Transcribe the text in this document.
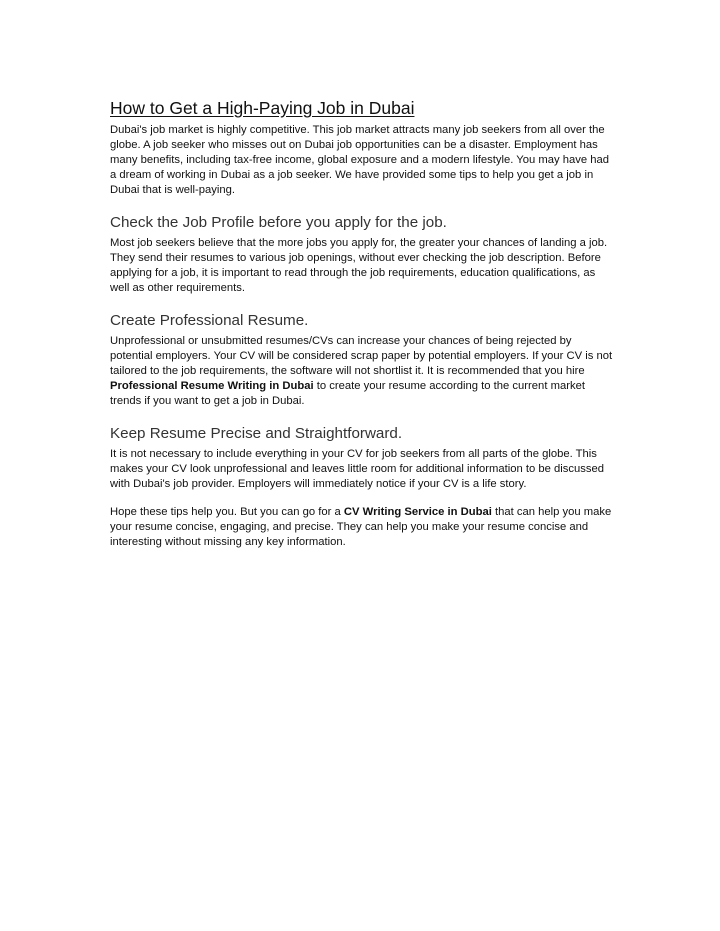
How to Get a High-Paying Job in Dubai

Dubai's job market is highly competitive. This job market attracts many job seekers from all over the globe. A job seeker who misses out on Dubai job opportunities can be a disaster. Employment has many benefits, including tax-free income, global exposure and a modern lifestyle. You may have had a dream of working in Dubai as a job seeker. We have provided some tips to help you get a job in Dubai that is well-paying.

Check the Job Profile before you apply for the job.

Most job seekers believe that the more jobs you apply for, the greater your chances of landing a job. They send their resumes to various job openings, without ever checking the job description. Before applying for a job, it is important to read through the job requirements, education qualifications, as well as other requirements.

Create Professional Resume.

Unprofessional or unsubmitted resumes/CVs can increase your chances of being rejected by potential employers. Your CV will be considered scrap paper by potential employers. If your CV is not tailored to the job requirements, the software will not shortlist it. It is recommended that you hire Professional Resume Writing in Dubai to create your resume according to the current market trends if you want to get a job in Dubai.

Keep Resume Precise and Straightforward.

It is not necessary to include everything in your CV for job seekers from all parts of the globe. This makes your CV look unprofessional and leaves little room for additional information to be discussed with Dubai's job provider. Employers will immediately notice if your CV is a life story.

Hope these tips help you. But you can go for a CV Writing Service in Dubai that can help you make your resume concise, engaging, and precise. They can help you make your resume concise and interesting without missing any key information.
